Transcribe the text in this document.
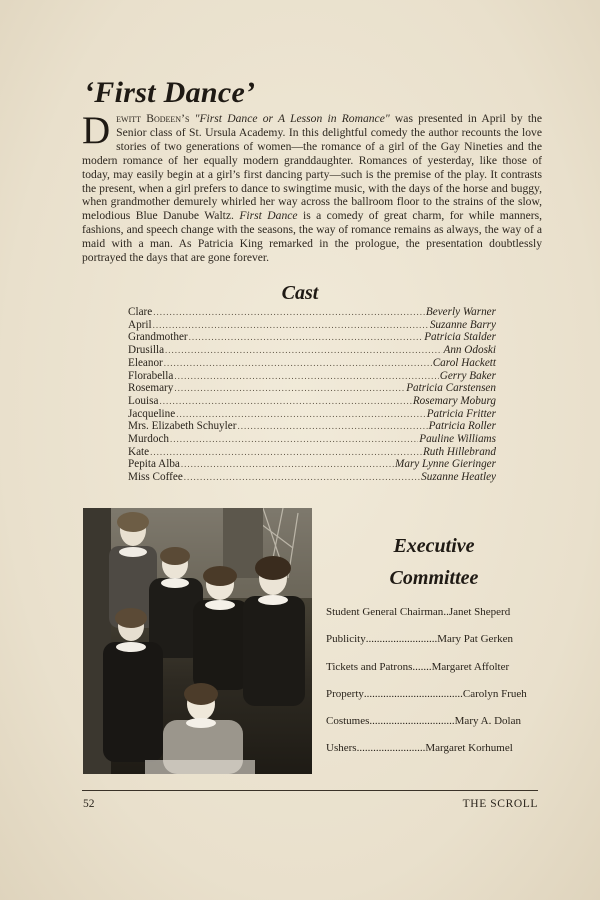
‘First Dance’
Dewitt Bodeen’s "First Dance or A Lesson in Romance" was presented in April by the Senior class of St. Ursula Academy. In this delightful comedy the author recounts the love stories of two generations of women—the romance of a girl of the Gay Nineties and the modern romance of her equally modern granddaughter. Romances of yesterday, like those of today, may easily begin at a girl’s first dancing party—such is the premise of the play. It contrasts the present, when a girl prefers to dance to swingtime music, with the days of the horse and buggy, when grandmother demurely whirled her way across the ballroom floor to the strains of the slow, melodious Blue Danube Waltz. First Dance is a comedy of great charm, for while manners, fashions, and speech change with the seasons, the way of romance remains as always, the way of a maid with a man. As Patricia King remarked in the prologue, the presentation doubtlessly portrayed the days that are gone forever.
Cast
Clare .....	Beverly Warner
April .....	Suzanne Barry
Grandmother .....	Patricia Stalder
Drusilla .....	Ann Odoski
Eleanor .....	Carol Hackett
Florabella .....	Gerry Baker
Rosemary .....	Patricia Carstensen
Louisa .....	Rosemary Moburg
Jacqueline .....	Patricia Fritter
Mrs. Elizabeth Schuyler .....	Patricia Roller
Murdoch .....	Pauline Williams
Kate .....	Ruth Hillebrand
Pepita Alba .....	Mary Lynne Gieringer
Miss Coffee .....	Suzanne Heatley
Executive
Committee
Student General Chairman .. Janet Sheperd
Publicity .......................... Mary Pat Gerken
Tickets and Patrons ....... Margaret Affolter
Property .................................... Carolyn Frueh
Costumes ............................... Mary A. Dolan
Ushers ......................... Margaret Korhumel
52	THE SCROLL
